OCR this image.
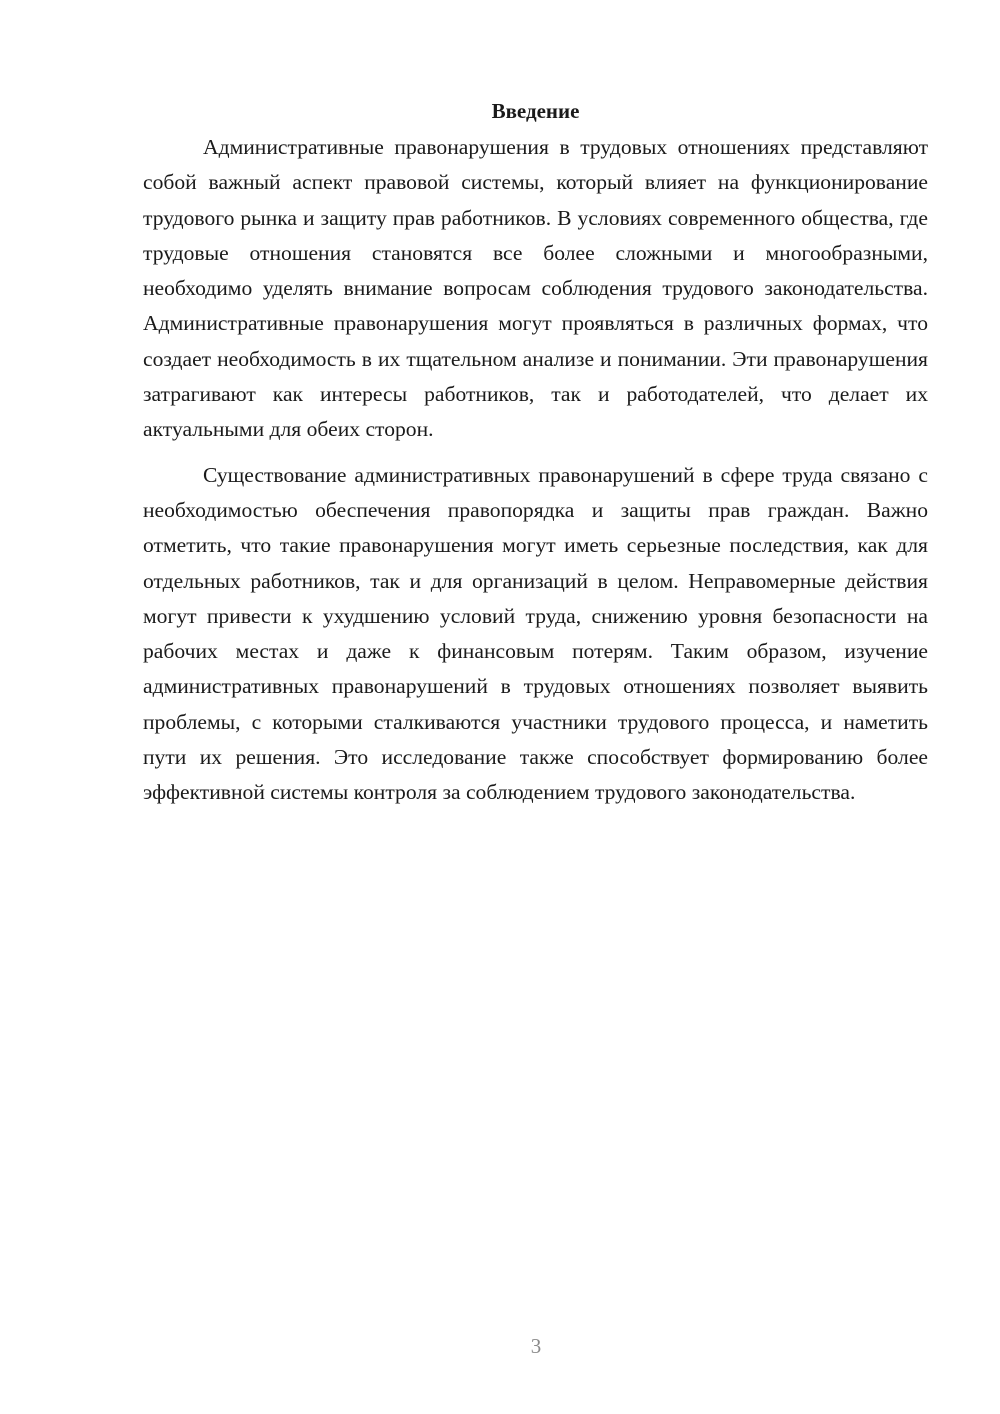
Введение

Административные правонарушения в трудовых отношениях представляют собой важный аспект правовой системы, который влияет на функционирование трудового рынка и защиту прав работников. В условиях современного общества, где трудовые отношения становятся все более сложными и многообразными, необходимо уделять внимание вопросам соблюдения трудового законодательства. Административные правонарушения могут проявляться в различных формах, что создает необходимость в их тщательном анализе и понимании. Эти правонарушения затрагивают как интересы работников, так и работодателей, что делает их актуальными для обеих сторон.

Существование административных правонарушений в сфере труда связано с необходимостью обеспечения правопорядка и защиты прав граждан. Важно отметить, что такие правонарушения могут иметь серьезные последствия, как для отдельных работников, так и для организаций в целом. Неправомерные действия могут привести к ухудшению условий труда, снижению уровня безопасности на рабочих местах и даже к финансовым потерям. Таким образом, изучение административных правонарушений в трудовых отношениях позволяет выявить проблемы, с которыми сталкиваются участники трудового процесса, и наметить пути их решения. Это исследование также способствует формированию более эффективной системы контроля за соблюдением трудового законодательства.

3
